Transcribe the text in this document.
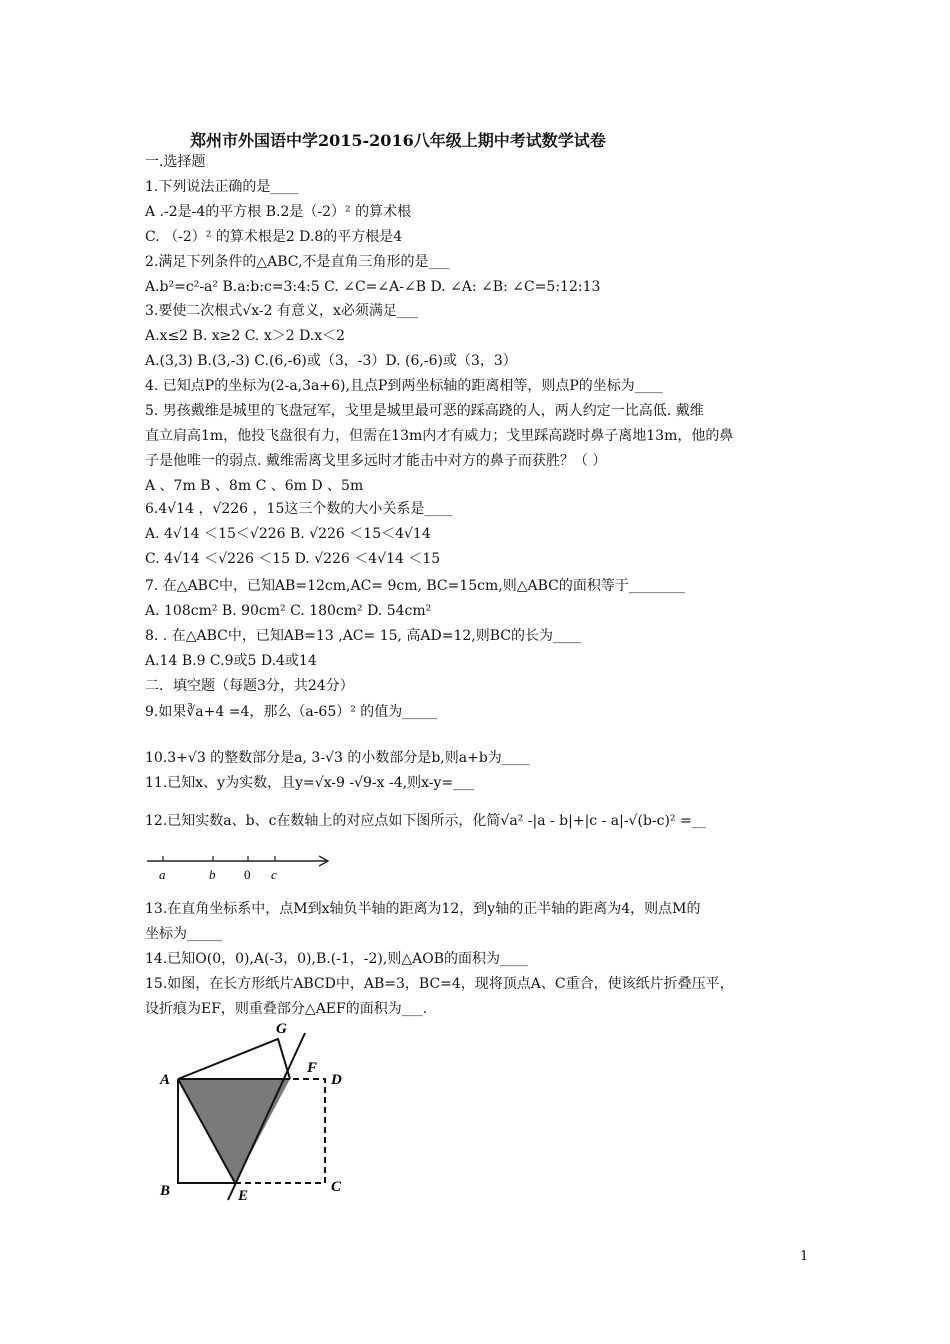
郑州市外国语中学2015-2016八年级上期中考试数学试卷
一.选择题
1.下列说法正确的是____
A .-2是-4的平方根 B.2是（-2）² 的算术根
C. （-2）² 的算术根是2 D.8的平方根是4
2.满足下列条件的△ABC,不是直角三角形的是___
A.b²=c²-a² B.a:b:c=3:4:5 C. ∠C=∠A-∠B D. ∠A: ∠B: ∠C=5:12:13
3.要使二次根式√x-2 有意义，x必须满足___
A.x≤2 B. x≥2 C. x＞2 D.x＜2
A.(3,3) B.(3,-3) C.(6,-6)或（3，-3）D. (6,-6)或（3，3）
4. 已知点P的坐标为(2-a,3a+6),且点P到两坐标轴的距离相等，则点P的坐标为____
5. 男孩戴维是城里的飞盘冠军，戈里是城里最可恶的踩高跷的人，两人约定一比高低. 戴维
直立肩高1m，他投飞盘很有力，但需在13m内才有威力；戈里踩高跷时鼻子离地13m，他的鼻
子是他唯一的弱点. 戴维需离戈里多远时才能击中对方的鼻子而获胜？（ ）
A 、7m B 、8m C 、6m D 、5m
6.4√14 ，√226 ，15这三个数的大小关系是____
A. 4√14 ＜15＜√226 B. √226 ＜15＜4√14
C. 4√14 ＜√226 ＜15 D. √226 ＜4√14 ＜15
7. 在△ABC中，已知AB=12cm,AC= 9cm, BC=15cm,则△ABC的面积等于________
A. 108cm² B. 90cm² C. 180cm² D. 54cm²
8. . 在△ABC中，已知AB=13 ,AC= 15, 高AD=12,则BC的长为____
A.14 B.9 C.9或5 D.4或14
二．填空题（每题3分，共24分）
9.如果∛a+4 =4，那么（a-65）² 的值为_____
10.3+√3 的整数部分是a, 3-√3 的小数部分是b,则a+b为____
11.已知x、y为实数，且y=√x-9 -√9-x -4,则x-y=___
12.已知实数a、b、c在数轴上的对应点如下图所示，化简√a² -|a - b|+|c - a|-√(b-c)² =__
a	b 0 c
13.在直角坐标系中，点M到x轴负半轴的距离为12，到y轴的正半轴的距离为4，则点M的
坐标为_____
14.已知O(0，0),A(-3，0),B.(-1，-2),则△AOB的面积为____
15.如图，在长方形纸片ABCD中，AB=3，BC=4，现将顶点A、C重合，使该纸片折叠压平，
设折痕为EF，则重叠部分△AEF的面积为___.
G
A
F
D
B	E
C
1
